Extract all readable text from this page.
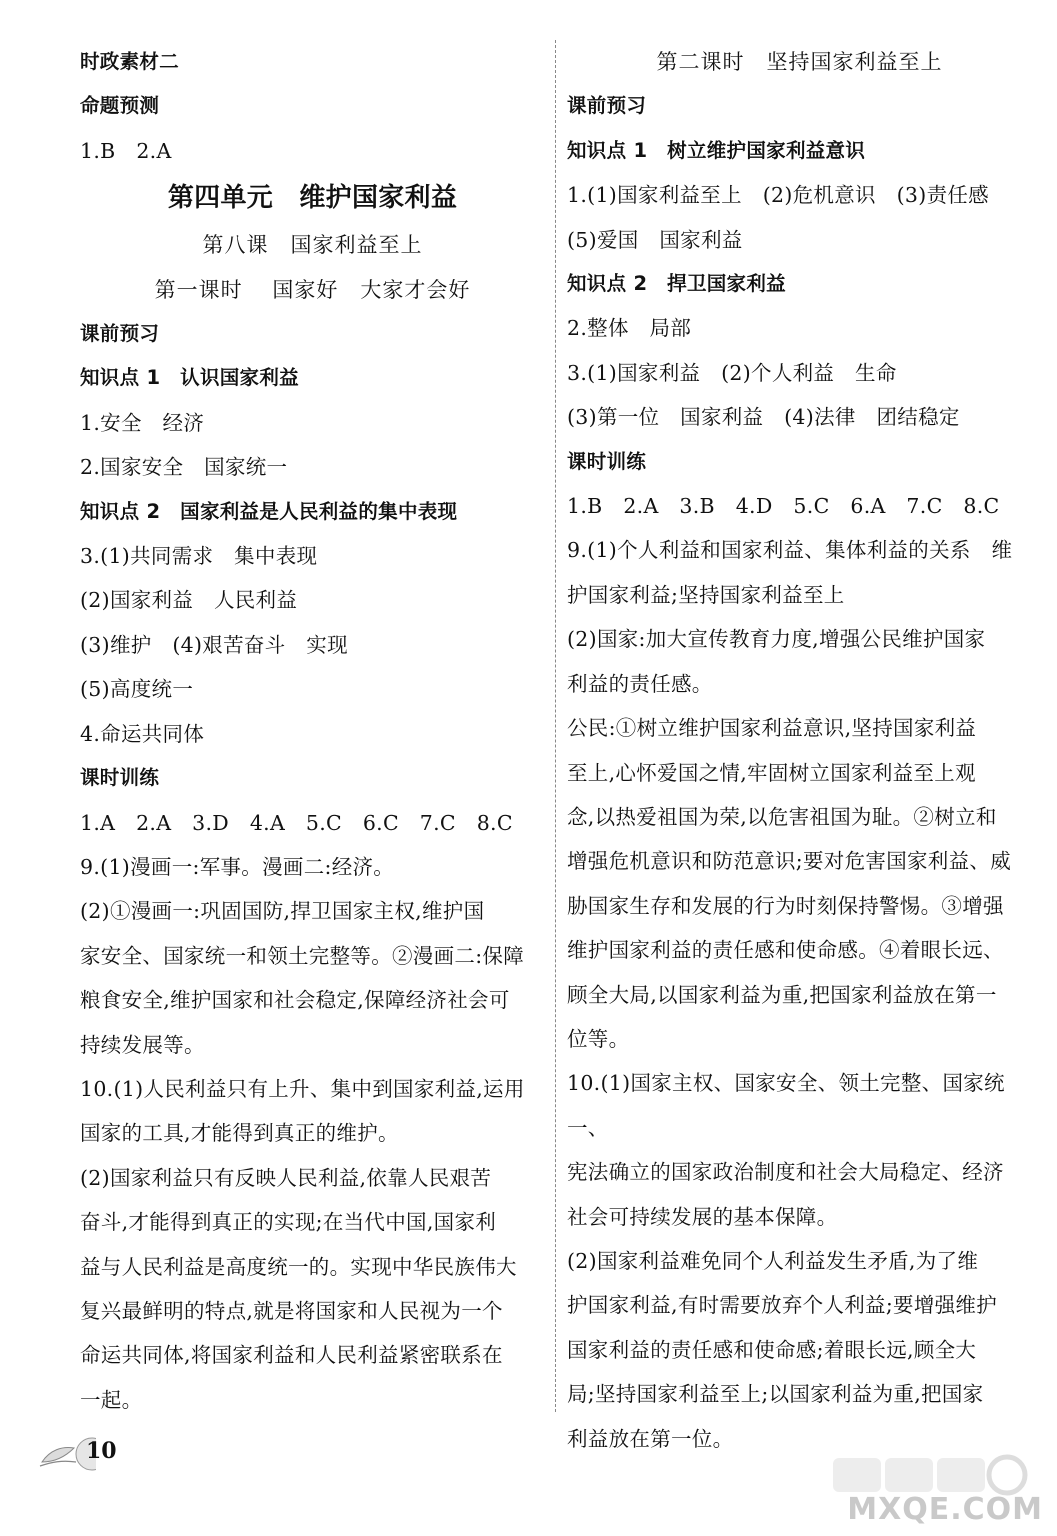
时政素材二
命题预测
1.B　2.A
第四单元　维护国家利益
第八课　国家利益至上
第一课时　 国家好　大家才会好
课前预习
知识点 1　认识国家利益
1.安全　经济
2.国家安全　国家统一
知识点 2　国家利益是人民利益的集中表现
3.(1)共同需求　集中表现
(2)国家利益　人民利益
(3)维护　(4)艰苦奋斗　实现
(5)高度统一
4.命运共同体
课时训练
1.A　2.A　3.D　4.A　5.C　6.C　7.C　8.C
9.(1)漫画一:军事。漫画二:经济。
(2)①漫画一:巩固国防,捍卫国家主权,维护国
家安全、国家统一和领土完整等。②漫画二:保障
粮食安全,维护国家和社会稳定,保障经济社会可
持续发展等。
10.(1)人民利益只有上升、集中到国家利益,运用
国家的工具,才能得到真正的维护。
(2)国家利益只有反映人民利益,依靠人民艰苦
奋斗,才能得到真正的实现;在当代中国,国家利
益与人民利益是高度统一的。实现中华民族伟大
复兴最鲜明的特点,就是将国家和人民视为一个
命运共同体,将国家利益和人民利益紧密联系在
一起。
第二课时　坚持国家利益至上
课前预习
知识点 1　树立维护国家利益意识
1.(1)国家利益至上　(2)危机意识　(3)责任感
(5)爱国　国家利益
知识点 2　捍卫国家利益
2.整体　局部
3.(1)国家利益　(2)个人利益　生命
(3)第一位　国家利益　(4)法律　团结稳定
课时训练
1.B　2.A　3.B　4.D　5.C　6.A　7.C　8.C
9.(1)个人利益和国家利益、集体利益的关系　维
护国家利益;坚持国家利益至上
(2)国家:加大宣传教育力度,增强公民维护国家
利益的责任感。
公民:①树立维护国家利益意识,坚持国家利益
至上,心怀爱国之情,牢固树立国家利益至上观
念,以热爱祖国为荣,以危害祖国为耻。②树立和
增强危机意识和防范意识;要对危害国家利益、威
胁国家生存和发展的行为时刻保持警惕。③增强
维护国家利益的责任感和使命感。④着眼长远、
顾全大局,以国家利益为重,把国家利益放在第一
位等。
10.(1)国家主权、国家安全、领土完整、国家统一、
宪法确立的国家政治制度和社会大局稳定、经济
社会可持续发展的基本保障。
(2)国家利益难免同个人利益发生矛盾,为了维
护国家利益,有时需要放弃个人利益;要增强维护
国家利益的责任感和使命感;着眼长远,顾全大
局;坚持国家利益至上;以国家利益为重,把国家
利益放在第一位。
10
MXQE.COM
